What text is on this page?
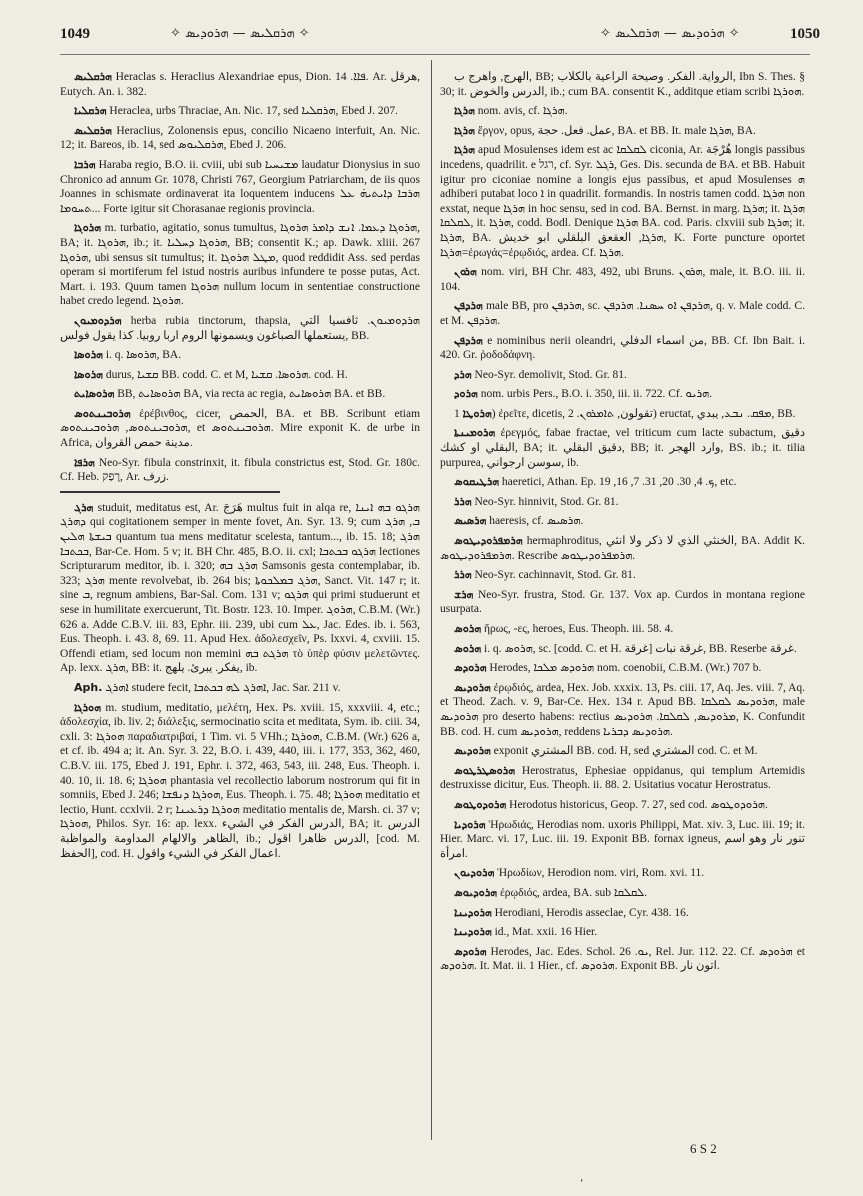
1049	✧ ܗܪܩܠܝܣ — ܗܪܘܕܝܣ ✧	✧ ܗܪܘܕܝܣ — ܗܪܩܠܝܣ ✧	1050

ܗܪܩܠܝܣ Heraclas s. Heraclius Alexandriae epus, Dion. ܦܐܐ. 14. Ar. هرقل, Eutych. An. i. 382.

ܗܪܩܠܝܐ Heraclea, urbs Thraciae, An. Nic. 17, sed ܗܪܩܠܝܐ, Ebed J. 207.

ܗܪܩܠܝܣ Heraclius, Zolonensis epus, concilio Nicaeno interfuit, An. Nic. 12; it. Bareos, ib. 14, sed ܗܪܩܠܝܘܣ, Ebed J. 206.

ܗܪܒܐ Haraba regio, B.O. ii. cviii, ubi sub ܡܫܝܚܝܐ laudatur Dionysius in suo Chronico ad annum Gr. 1078, Christi 767, Georgium Patriarcham, de iis quos Joannes in schismate ordinaverat ita loquentem inducens ܗܪܒܐ ܕܐܝܬܝܗ̇ ܥܠ ܬܚܘܡܐ... Forte igitur sit Chorasanae regionis provincia.

ܗܪܘܓܐ m. turbatio, agitatio, sonus tumultus, ܗܪܘܓܐ ܕܥܡܐ. ܐܢܫ ܕܐܡܪ ܗܪܘܓܐ, BA; it. ܗܪܘܓܐ, ib.; it. ܗܪܘܓܐ ܕܚܠܝܐ, BB; consentit K.; ap. Dawk. xliii. 267 ܗܪܘܓܐ, ubi sensus sit tumultus; it. ܡܛܠ ܗܪܘܓܐ, quod reddidit Ass. sed perdas operam si mortiferum fel istud nostris auribus infundere te posse putas, Act. Mart. i. 193. Quum tamen ܗܪܘܓܐ nullum locum in sententiae constructione habet credo legend. ܗܪܘܓܐ.

ܗܪܕܘܡܝܘܢ herba rubia tinctorum, thapsia, ܗܪܕܘܡܝܘܢ. ثافسيا التي يستعملها الصباغون ويسمونها الروم اربا روبيا. كذا يقول فولس, BB.

ܗܪܘܣܐ i. q. ܗܪܘܣܐ, BA.

ܗܪܘܣܐ durus, ܩܫܝܐ BB. codd. C. et M, ܗܪܘܣܐ. ܩܫܝܐ. cod. H.

ܗܪܘܣܐܝܬ BB, ܗܪܘܣܐܝܬ BA, via recta ac regia, ܗܪܘܣܐܝܬ BA. et BB.

ܗܪܘܒܝܢܬܘܣ ἐρέβινθος, cicer, الحمص, BA. et BB. Scribunt etiam ܗܪܘܒܝܢܬܘܣ, ܗܪܘܒܝܢܬܘܣ, et ܗܪܘܒܝܢܬܘܣ. Mire exponit K. de urbe in Africa, مدينة حمص القروان.

ܗܪܦܐ Neo-Syr. fibula constrinxit, it. fibula constrictus est, Stod. Gr. 180c. Cf. Heb. רָפַק, Ar. زرف.

ܗܪܓ studuit, meditatus est, Ar. هَرَجَ multus fuit in alqa re, ܗܪܓܘ ܒܗ ܐܝܢܐ ܕܗܪܓ qui cogitationem semper in mente fovet, An. Syr. 13. 9; cum ܒ, ܗܪܓ ܒܝܫܬܐ ܗܠܝܢ quantum tua mens meditatur scelesta, tantum..., ib. 15. 18; ܗܪܓ ܒܟܬܒܐ, Bar-Ce. Hom. 5 v; it. BH Chr. 485, B.O. ii. cxl; ܗܪܓܘ ܒܟܬܒܐ lectiones Scripturarum meditor, ib. i. 320; ܗܪܓ ܒܗ Samsonis gesta contemplabar, ib. 323; ܗܪܓ mente revolvebat, ib. 264 bis; ܗܪܓ ܒܡܠܟܘܬܐ, Sanct. Vit. 147 r; it. sine ܒ, regnum ambiens, Bar-Sal. Com. 131 v; ܗܪܓܘ qui primi studuerunt et sese in humilitate exercuerunt, Tit. Bostr. 123. 10. Imper. ܗܪܘܓ, C.B.M. (Wr.) 626 a. Adde C.B.V. iii. 83, Ephr. iii. 239, ubi cum ܥܠ, Jac. Edes. ib. i. 563, Eus. Theoph. i. 43. 8, 69. 11. Apud Hex. ἀδολεσχεῖν, Ps. lxxvi. 4, cxviii. 15. Offendi etiam, sed locum non memini ܗܪܓܬ ܒܗ τὸ ὑπὲρ φύσιν μελετῶντες. Ap. lexx. ܗܪܓ, BB: it. يفكر. يبرئ. يلهج, ib.

Aph. ܐܗܪܓ studere fecit, ܐܗܪܓ ܠܗ ܒܟܬܒܐ, Jac. Sar. 211 v.

ܗܘܪܓܐ m. studium, meditatio, μελέτη, Hex. Ps. xviii. 15, xxxviii. 4, etc.; ἀδολεσχία, ib. liv. 2; διάλεξις, sermocinatio scita et meditata, Sym. ib. ciii. 34, cxli. 3: ܗܘܪܓܐ παραδιατριβαί, 1 Tim. vi. 5 VHh.; ܗܘܪܓܐ, C.B.M. (Wr.) 626 a, et cf. ib. 494 a; it. An. Syr. 3. 22, B.O. i. 439, 440, iii. i. 177, 353, 362, 460, C.B.V. iii. 175, Ebed J. 191, Ephr. i. 372, 463, 543, iii. 248, Eus. Theoph. i. 40. 10, ii. 18. 6; ܗܘܪܓܐ phantasia vel recollectio laborum nostrorum qui fit in somniis, Ebed J. 246; ܗܘܪܓܐ ܕܢܦܫܐ, Eus. Theoph. i. 75. 48; ܗܘܪܓܐ meditatio et lectio, Hunt. ccxlvii. 2 r; ܗܘܪܓܐ ܕܪܥܝܢܐ meditatio mentalis de, Marsh. ci. 37 v; ܗܘܪܓܐ, Philos. Syr. 16: ap. lexx. الدرس الفكر في الشيء, BA; it. الدرس الظاهر والالهام المداومة والمواظبة, ib.; الدرس ظاهرا اقول, [cod. M. الحفظ], cod. H. اعمال الفكر في الشيء واقول.

الهرج, واهرج ب, BB; الرواية. الفكر. وصيحة الراعية بالكلاب, Ibn S. Thes. § 30; it. الدرس والخوض, ib.; cum BA. consentit K., additque etiam scribi ܗܘܪܓܐ.

ܗܪܓܐ nom. avis, cf. ܗܪܓܐ.

ܗܪܓܐ ἔργον, opus, عمل. فعل. حجة, BA. et BB. It. male ܗܪܓܐ, BA.

ܗܪܓܐ apud Mosulenses idem est ac ܠܩܠܩܐ ciconia, Ar. هُرْجَة longis passibus incedens, quadrilit. e רגל, cf. Syr. ܪܓܠ, Ges. Dis. secunda de BA. et BB. Habuit igitur pro ciconiae nomine a longis ejus passibus, et apud Mosulenses ܗ adhiberi putabat loco ܐ in quadrilit. formandis. In nostris tamen codd. ܗܪܓܐ non exstat, neque ܗܪܓܐ in hoc sensu, sed in cod. BA. Bernst. in marg. ܗܪܓܐ; it. ܗܪܓܐ ܠܩܠܩܐ, it. ܗܪܓܐ, codd. Bodl. Denique ܗܪܓܐ BA. cod. Paris. clxviii sub ܗܪܓܐ; it. ܗܪܓܐ, BA. ܗܪܓܐ, العقعق البلقلي ابو خديش, K. Forte puncture oportet ܗܪܓܐ=ἐρωγάς=ἐρῳδιός, ardea. Cf. ܗܪܓܐ.

ܗܪܘܢ nom. viri, BH Chr. 483, 492, ubi Bruns. ܗܪܘܢ, male, it. B.O. iii. ii. 104.

ܗܪܕܦܢ male BB, pro ܗܪܕܦܢ, sc. ܗܪܕܦܢ ܐܘ ܚܣܢܐ. ܗܪܕܦܢ, q. v. Male codd. C. et M. ܗܪܕܦܢ.

ܗܪܕܦܢ e nominibus nerii oleandri, من اسماء الدفلي, BB. Cf. Ibn Bait. i. 420. Gr. ῥοδοδάφνη.

ܗܪܕ Neo-Syr. demolivit, Stod. Gr. 81.

ܗܪܘܕ nom. urbis Pers., B.O. i. 350, iii. ii. 722. Cf. ܗܪܝܘ.

ܗܪܘܛܐ 1) ἐρεῖτε, dicetis, تقولون, ܬܐܡܪܘܢ. 2) eructat, ܡܦܩ. ܢܒܥ, يبدي, BB.

ܗܪܘܡܝܢܬܐ ἐρεγμός, fabae fractae, vel triticum cum lacte subactum, دقيق البقلي او كشك, BA; it. دقيق البقلي, BB; it. وارد الهجر, BS. ib.; it. tilia purpurea, سوسن ارجواني, ib.

ܗܪܛܝܩܘܣ haeretici, Athan. Ep. ܟ. 4, 30. 20, 31. 7, 16, 19, etc.

ܗܪܪ Neo-Syr. hinnivit, Stod. Gr. 81.

ܗܪܣܝܣ haeresis, cf. ܗܪܣܝܣ.

ܗܪܡܦܪܘܕܝܛܘܣ hermaphroditus, الخنثي الذي لا ذكر ولا انثي, BA. Addit K. ܗܪܡܦܪܘܕܝܛܘܣ. Rescribe ܗܪܡܦܪܘܕܝܛܘܣ.

ܗܪܪ Neo-Syr. cachinnavit, Stod. Gr. 81.

ܗܪܫ Neo-Syr. frustra, Stod. Gr. 137. Vox ap. Curdos in montana regione usurpata.

ܗܪܘܣ ἥρως, -ες, heroes, Eus. Theoph. iii. 58. 4.

ܗܪܘܣ i. q. ܗܪܘܣ, sc. [codd. C. et H. غرقة] غرقة نبات, BB. Reserbe غرقة.

ܗܪܘܕܣ Herodes, ܗܪܘܕܣ ܡܠܟܐ nom. coenobii, C.B.M. (Wr.) 707 b.

ܗܪܘܕܝܣ ἐρῳδιός, ardea, Hex. Job. xxxix. 13, Ps. ciii. 17, Aq. Jes. viii. 7, Aq. et Theod. Zach. v. 9, Bar-Ce. Hex. 134 r. Apud BB. ܗܪܘܕܝܣ ܠܩܠܩܐ, male ܗܪܘܕܝܣ pro deserto habens: rectius ܡܪܘܕܝܣ, ܠܩܠܩܐ. ܗܪܘܕܝܣ, K. Confundit BB. cod. H. cum ܗܪܘܕܝܣ, reddens ܗܪܘܕܝܣ ܕܒܪܝܐ.

ܗܪܘܕܝܣ exponit المشتري BB. cod. H, sed المشتري cod. C. et M.

ܗܪܘܣܛܪܛܘܣ Herostratus, Ephesiae oppidanus, qui templum Artemidis destruxisse dicitur, Eus. Theoph. ii. 88. 2. Usitatius vocatur Herostratus.

ܗܪܘܕܘܛܘܣ Herodotus historicus, Geop. 7. 27, sed cod. ܗܪܘܕܘܛܘܣ.

ܗܪܘܕܝܐ Ἡρωδιάς, Herodias nom. uxoris Philippi, Mat. xiv. 3, Luc. iii. 19; it. Hier. Marc. vi. 17, Luc. iii. 19. Exponit BB. fornax igneus, تنور نار وهو اسم امرأة.

ܗܪܘܕܝܘܢ Ἡρωδίων, Herodion nom. viri, Rom. xvi. 11.

ܗܪܘܕܝܘܣ ἐρῳδιός, ardea, BA. sub ܠܩܠܩܐ.

ܗܪܘܕܝܢܐ Herodiani, Herodis asseclae, Cyr. 438. 16.

ܗܪܘܕܝܢܐ id., Mat. xxii. 16 Hier.

ܗܪܘܕܣ Herodes, Jac. Edes. Schol. ܝܘ. 26, Rel. Jur. 112. 22. Cf. ܗܪܘܕܣ et ܗܪܘܕܣ. It. Mat. ii. 1 Hier., cf. ܗܪܘܕܣ. Exponit BB. اتون نار.

6 S 2
‘
